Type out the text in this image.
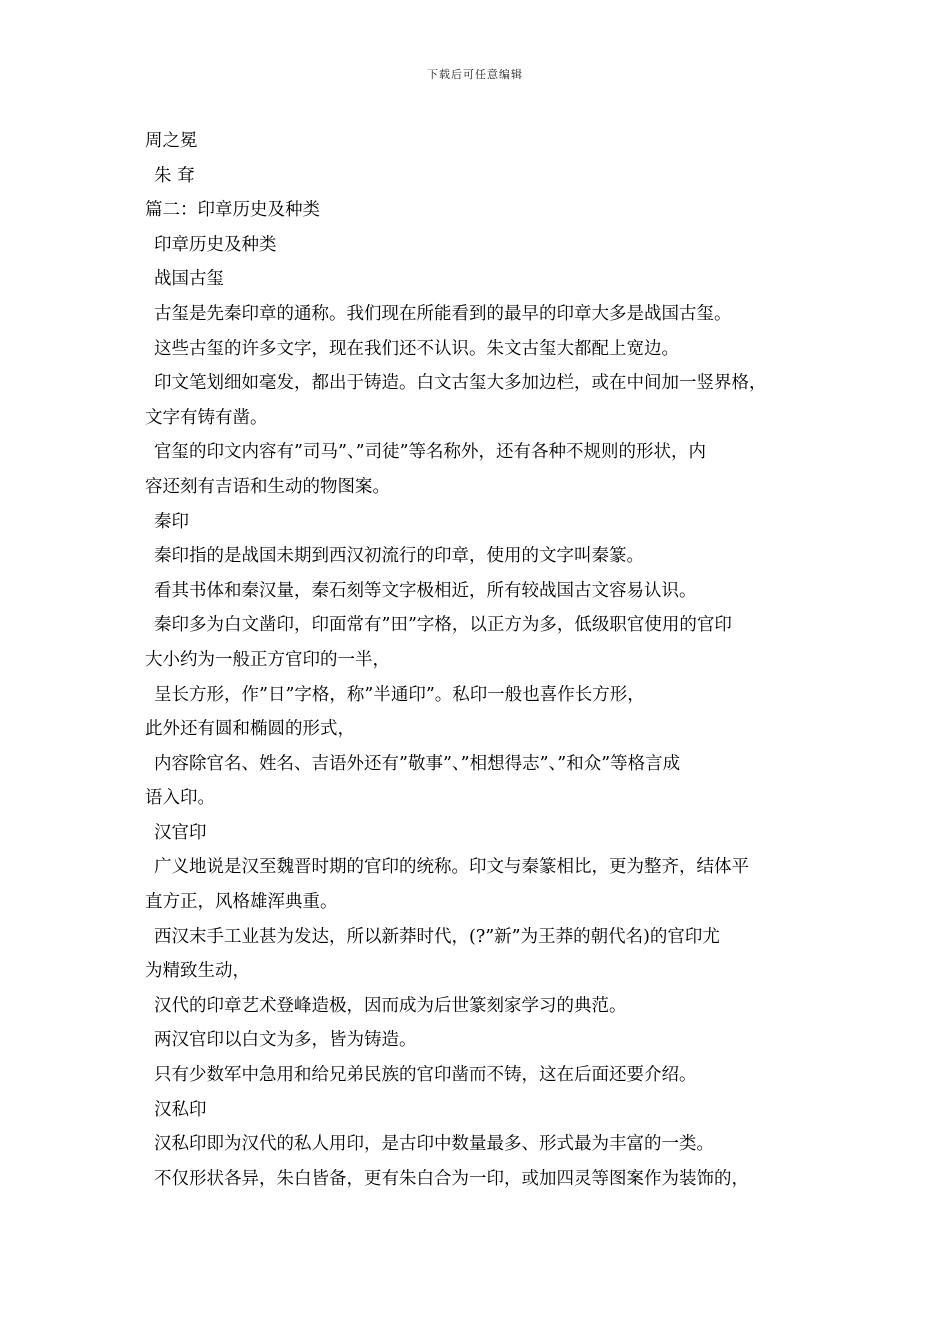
下载后可任意编辑
周之冕
朱 耷
篇二：印章历史及种类
印章历史及种类
战国古玺
古玺是先秦印章的通称。我们现在所能看到的最早的印章大多是战国古玺。
这些古玺的许多文字，现在我们还不认识。朱文古玺大都配上宽边。
印文笔划细如毫发，都出于铸造。白文古玺大多加边栏，或在中间加一竖界格，
文字有铸有凿。
官玺的印文内容有”司马”、”司徒”等名称外，还有各种不规则的形状，内
容还刻有吉语和生动的物图案。
秦印
秦印指的是战国未期到西汉初流行的印章，使用的文字叫秦篆。
看其书体和秦汉量，秦石刻等文字极相近，所有较战国古文容易认识。
秦印多为白文凿印，印面常有”田”字格，以正方为多，低级职官使用的官印
大小约为一般正方官印的一半，
呈长方形，作”日”字格，称”半通印”。私印一般也喜作长方形，
此外还有圆和椭圆的形式，
内容除官名、姓名、吉语外还有”敬事”、”相想得志”、”和众”等格言成
语入印。
汉官印
广义地说是汉至魏晋时期的官印的统称。印文与秦篆相比，更为整齐，结体平
直方正，风格雄浑典重。
西汉末手工业甚为发达，所以新莽时代，(?”新”为王莽的朝代名)的官印尤
为精致生动，
汉代的印章艺术登峰造极，因而成为后世篆刻家学习的典范。
两汉官印以白文为多，皆为铸造。
只有少数军中急用和给兄弟民族的官印凿而不铸，这在后面还要介绍。
汉私印
汉私印即为汉代的私人用印，是古印中数量最多、形式最为丰富的一类。
不仅形状各异，朱白皆备，更有朱白合为一印，或加四灵等图案作为装饰的，
